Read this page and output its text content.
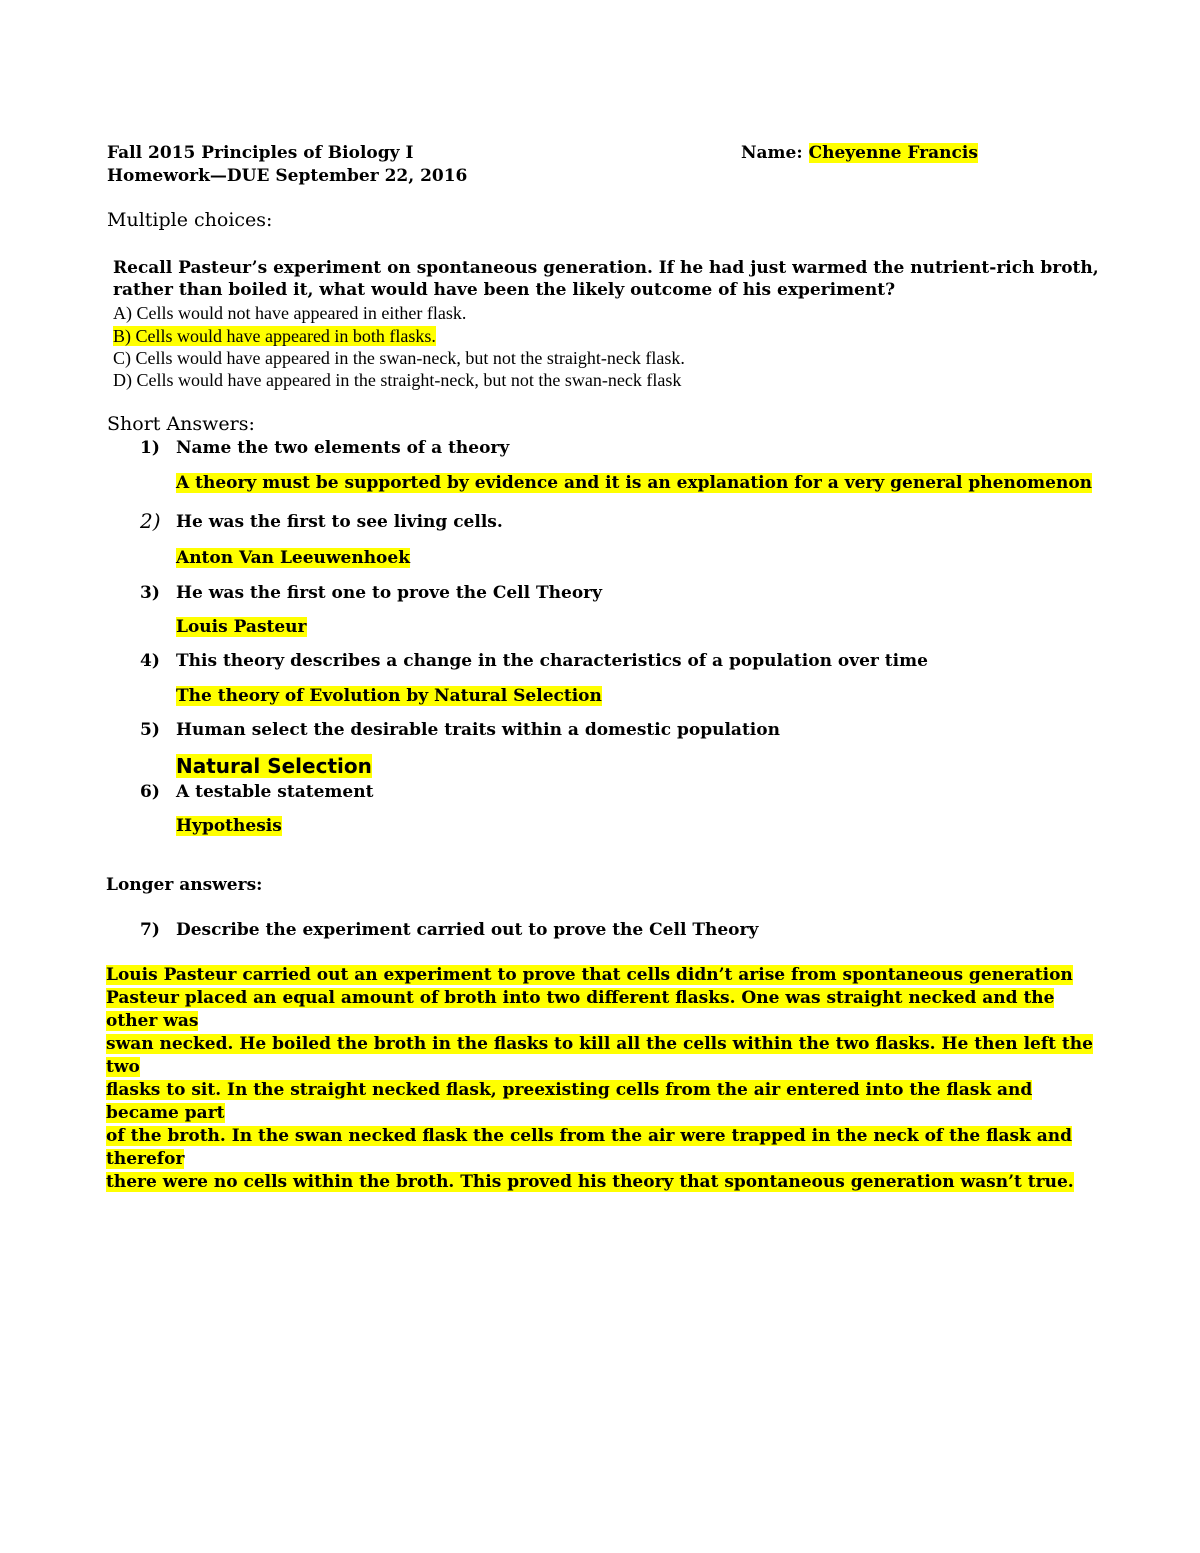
Fall 2015 Principles of Biology I
Homework—DUE September 22, 2016
Name: Cheyenne Francis
Multiple choices:
Recall Pasteur’s experiment on spontaneous generation. If he had just warmed the nutrient-rich broth, rather than boiled it, what would have been the likely outcome of his experiment?
A) Cells would not have appeared in either flask.
B) Cells would have appeared in both flasks.
C) Cells would have appeared in the swan-neck, but not the straight-neck flask.
D) Cells would have appeared in the straight-neck, but not the swan-neck flask
Short Answers:
1) Name the two elements of a theory
A theory must be supported by evidence and it is an explanation for a very general phenomenon
2) He was the first to see living cells.
Anton Van Leeuwenhoek
3) He was the first one to prove the Cell Theory
Louis Pasteur
4) This theory describes a change in the characteristics of a population over time
The theory of Evolution by Natural Selection
5) Human select the desirable traits within a domestic population
Natural Selection
6) A testable statement
Hypothesis
Longer answers:
7) Describe the experiment carried out to prove the Cell Theory
Louis Pasteur carried out an experiment to prove that cells didn’t arise from spontaneous generation
Pasteur placed an equal amount of broth into two different flasks. One was straight necked and the other was
swan necked. He boiled the broth in the flasks to kill all the cells within the two flasks. He then left the two
flasks to sit. In the straight necked flask, preexisting cells from the air entered into the flask and became part
of the broth. In the swan necked flask the cells from the air were trapped in the neck of the flask and therefor
there were no cells within the broth. This proved his theory that spontaneous generation wasn’t true.
